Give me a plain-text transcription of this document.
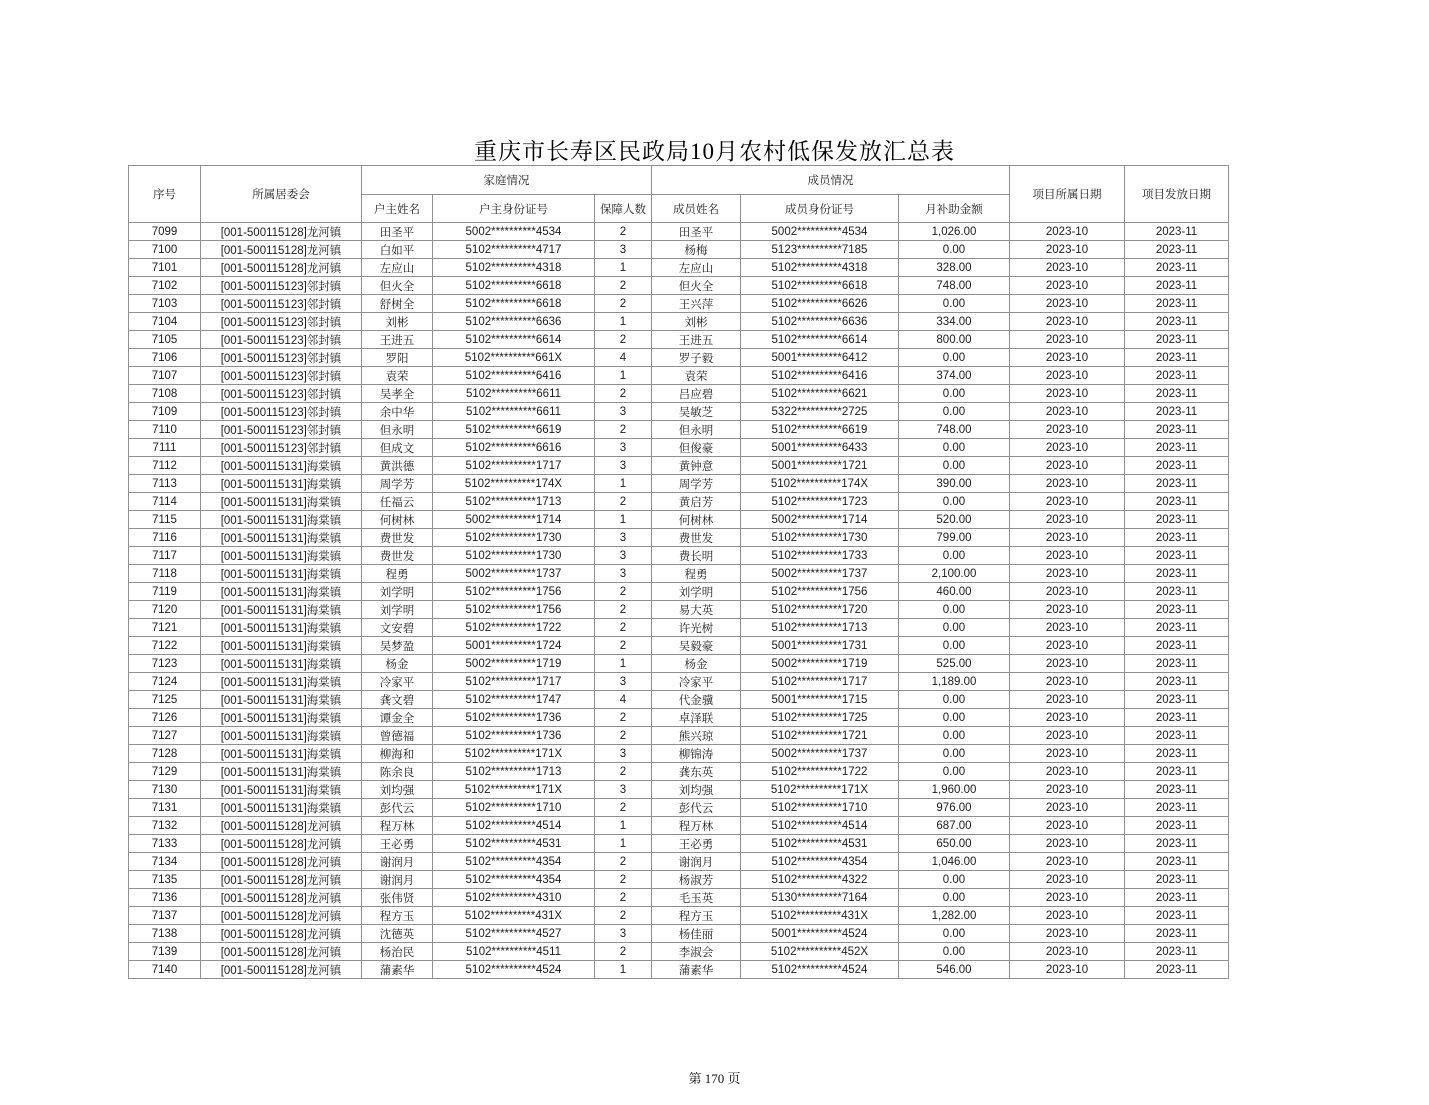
重庆市长寿区民政局10月农村低保发放汇总表
序号	所属居委会	家庭情况			成员情况			项目所属日期	项目发放日期
		户主姓名	户主身份证号	保障人数	成员姓名	成员身份证号	月补助金额		
7099	[001-500115128]龙河镇	田圣平	5002**********4534	2	田圣平	5002**********4534	1,026.00	2023-10	2023-11
7100	[001-500115128]龙河镇	白如平	5102**********4717	3	杨梅	5123**********7185	0.00	2023-10	2023-11
7101	[001-500115128]龙河镇	左应山	5102**********4318	1	左应山	5102**********4318	328.00	2023-10	2023-11
7102	[001-500115123]邻封镇	但火全	5102**********6618	2	但火全	5102**********6618	748.00	2023-10	2023-11
7103	[001-500115123]邻封镇	舒树全	5102**********6618	2	王兴萍	5102**********6626	0.00	2023-10	2023-11
7104	[001-500115123]邻封镇	刘彬	5102**********6636	1	刘彬	5102**********6636	334.00	2023-10	2023-11
7105	[001-500115123]邻封镇	王进五	5102**********6614	2	王进五	5102**********6614	800.00	2023-10	2023-11
7106	[001-500115123]邻封镇	罗阳	5102**********661X	4	罗子毅	5001**********6412	0.00	2023-10	2023-11
7107	[001-500115123]邻封镇	袁荣	5102**********6416	1	袁荣	5102**********6416	374.00	2023-10	2023-11
7108	[001-500115123]邻封镇	吴孝全	5102**********6611	2	吕应碧	5102**********6621	0.00	2023-10	2023-11
7109	[001-500115123]邻封镇	余中华	5102**********6611	3	吴敏芝	5322**********2725	0.00	2023-10	2023-11
7110	[001-500115123]邻封镇	但永明	5102**********6619	2	但永明	5102**********6619	748.00	2023-10	2023-11
7111	[001-500115123]邻封镇	但成文	5102**********6616	3	但俊豪	5001**********6433	0.00	2023-10	2023-11
7112	[001-500115131]海棠镇	黄洪德	5102**********1717	3	黄钟意	5001**********1721	0.00	2023-10	2023-11
7113	[001-500115131]海棠镇	周学芳	5102**********174X	1	周学芳	5102**********174X	390.00	2023-10	2023-11
7114	[001-500115131]海棠镇	任福云	5102**********1713	2	黄启芳	5102**********1723	0.00	2023-10	2023-11
7115	[001-500115131]海棠镇	何树林	5002**********1714	1	何树林	5002**********1714	520.00	2023-10	2023-11
7116	[001-500115131]海棠镇	费世发	5102**********1730	3	费世发	5102**********1730	799.00	2023-10	2023-11
7117	[001-500115131]海棠镇	费世发	5102**********1730	3	费长明	5102**********1733	0.00	2023-10	2023-11
7118	[001-500115131]海棠镇	程勇	5002**********1737	3	程勇	5002**********1737	2,100.00	2023-10	2023-11
7119	[001-500115131]海棠镇	刘学明	5102**********1756	2	刘学明	5102**********1756	460.00	2023-10	2023-11
7120	[001-500115131]海棠镇	刘学明	5102**********1756	2	易大英	5102**********1720	0.00	2023-10	2023-11
7121	[001-500115131]海棠镇	文安碧	5102**********1722	2	许光树	5102**********1713	0.00	2023-10	2023-11
7122	[001-500115131]海棠镇	吴梦盈	5001**********1724	2	吴毅豪	5001**********1731	0.00	2023-10	2023-11
7123	[001-500115131]海棠镇	杨金	5002**********1719	1	杨金	5002**********1719	525.00	2023-10	2023-11
7124	[001-500115131]海棠镇	冷家平	5102**********1717	3	冷家平	5102**********1717	1,189.00	2023-10	2023-11
7125	[001-500115131]海棠镇	龚文碧	5102**********1747	4	代金骥	5001**********1715	0.00	2023-10	2023-11
7126	[001-500115131]海棠镇	谭金全	5102**********1736	2	卓泽联	5102**********1725	0.00	2023-10	2023-11
7127	[001-500115131]海棠镇	曾德福	5102**********1736	2	熊兴琼	5102**********1721	0.00	2023-10	2023-11
7128	[001-500115131]海棠镇	柳海和	5102**********171X	3	柳锦涛	5002**********1737	0.00	2023-10	2023-11
7129	[001-500115131]海棠镇	陈余良	5102**********1713	2	龚东英	5102**********1722	0.00	2023-10	2023-11
7130	[001-500115131]海棠镇	刘均强	5102**********171X	3	刘均强	5102**********171X	1,960.00	2023-10	2023-11
7131	[001-500115131]海棠镇	彭代云	5102**********1710	2	彭代云	5102**********1710	976.00	2023-10	2023-11
7132	[001-500115128]龙河镇	程万林	5102**********4514	1	程万林	5102**********4514	687.00	2023-10	2023-11
7133	[001-500115128]龙河镇	王必勇	5102**********4531	1	王必勇	5102**********4531	650.00	2023-10	2023-11
7134	[001-500115128]龙河镇	谢润月	5102**********4354	2	谢润月	5102**********4354	1,046.00	2023-10	2023-11
7135	[001-500115128]龙河镇	谢润月	5102**********4354	2	杨淑芳	5102**********4322	0.00	2023-10	2023-11
7136	[001-500115128]龙河镇	张伟贤	5102**********4310	2	毛玉英	5130**********7164	0.00	2023-10	2023-11
7137	[001-500115128]龙河镇	程方玉	5102**********431X	2	程方玉	5102**********431X	1,282.00	2023-10	2023-11
7138	[001-500115128]龙河镇	沈德英	5102**********4527	3	杨佳丽	5001**********4524	0.00	2023-10	2023-11
7139	[001-500115128]龙河镇	杨治民	5102**********4511	2	李淑会	5102**********452X	0.00	2023-10	2023-11
7140	[001-500115128]龙河镇	蒲素华	5102**********4524	1	蒲素华	5102**********4524	546.00	2023-10	2023-11
第 170 页
